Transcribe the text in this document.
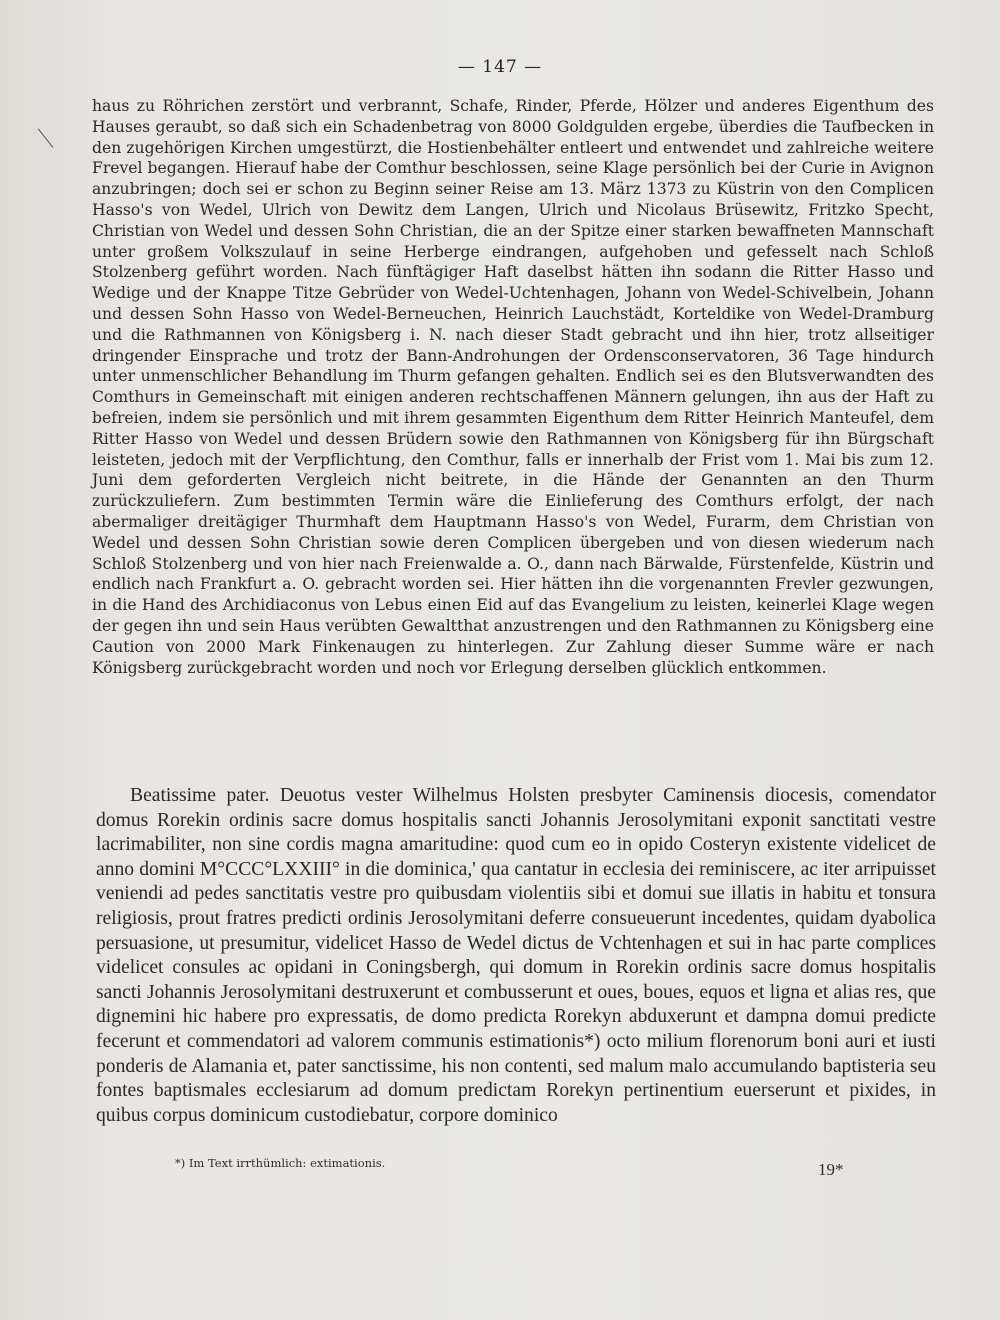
— 147 —

haus zu Röhrichen zerstört und verbrannt, Schafe, Rinder, Pferde, Hölzer und anderes Eigenthum des Hauses geraubt, so daß sich ein Schadenbetrag von 8000 Goldgulden ergebe, überdies die Taufbecken in den zugehörigen Kirchen umgestürzt, die Hostienbehälter entleert und entwendet und zahlreiche weitere Frevel begangen. Hierauf habe der Comthur beschlossen, seine Klage persönlich bei der Curie in Avignon anzubringen; doch sei er schon zu Beginn seiner Reise am 13. März 1373 zu Küstrin von den Complicen Hasso's von Wedel, Ulrich von Dewitz dem Langen, Ulrich und Nicolaus Brüsewitz, Fritzko Specht, Christian von Wedel und dessen Sohn Christian, die an der Spitze einer starken bewaffneten Mannschaft unter großem Volkszulauf in seine Herberge eindrangen, aufgehoben und gefesselt nach Schloß Stolzenberg geführt worden. Nach fünftägiger Haft daselbst hätten ihn sodann die Ritter Hasso und Wedige und der Knappe Titze Gebrüder von Wedel-Uchtenhagen, Johann von Wedel-Schivelbein, Johann und dessen Sohn Hasso von Wedel-Berneuchen, Heinrich Lauchstädt, Korteldike von Wedel-Dramburg und die Rathmannen von Königsberg i. N. nach dieser Stadt gebracht und ihn hier, trotz allseitiger dringender Einsprache und trotz der Bann-Androhungen der Ordensconservatoren, 36 Tage hindurch unter unmenschlicher Behandlung im Thurm gefangen gehalten. Endlich sei es den Blutsverwandten des Comthurs in Gemeinschaft mit einigen anderen rechtschaffenen Männern gelungen, ihn aus der Haft zu befreien, indem sie persönlich und mit ihrem gesammten Eigenthum dem Ritter Heinrich Manteufel, dem Ritter Hasso von Wedel und dessen Brüdern sowie den Rathmannen von Königsberg für ihn Bürgschaft leisteten, jedoch mit der Verpflichtung, den Comthur, falls er innerhalb der Frist vom 1. Mai bis zum 12. Juni dem geforderten Vergleich nicht beitrete, in die Hände der Genannten an den Thurm zurückzuliefern. Zum bestimmten Termin wäre die Einlieferung des Comthurs erfolgt, der nach abermaliger dreitägiger Thurmhaft dem Hauptmann Hasso's von Wedel, Furarm, dem Christian von Wedel und dessen Sohn Christian sowie deren Complicen übergeben und von diesen wiederum nach Schloß Stolzenberg und von hier nach Freienwalde a. O., dann nach Bärwalde, Fürstenfelde, Küstrin und endlich nach Frankfurt a. O. gebracht worden sei. Hier hätten ihn die vorgenannten Frevler gezwungen, in die Hand des Archidiaconus von Lebus einen Eid auf das Evangelium zu leisten, keinerlei Klage wegen der gegen ihn und sein Haus verübten Gewaltthat anzustrengen und den Rathmannen zu Königsberg eine Caution von 2000 Mark Finkenaugen zu hinterlegen. Zur Zahlung dieser Summe wäre er nach Königsberg zurückgebracht worden und noch vor Erlegung derselben glücklich entkommen.

Beatissime pater. Deuotus vester Wilhelmus Holsten presbyter Caminensis diocesis, comendator domus Rorekin ordinis sacre domus hospitalis sancti Johannis Jerosolymitani exponit sanctitati vestre lacrimabiliter, non sine cordis magna amaritudine: quod cum eo in opido Costeryn existente videlicet de anno domini M°CCC°LXXIII° in die dominica,' qua cantatur in ecclesia dei reminiscere, ac iter arripuisset veniendi ad pedes sanctitatis vestre pro quibusdam violentiis sibi et domui sue illatis in habitu et tonsura religiosis, prout fratres predicti ordinis Jerosolymitani deferre consueuerunt incedentes, quidam dyabolica persuasione, ut presumitur, videlicet Hasso de Wedel dictus de Vchtenhagen et sui in hac parte complices videlicet consules ac opidani in Coningsbergh, qui domum in Rorekin ordinis sacre domus hospitalis sancti Johannis Jerosolymitani destruxerunt et combusserunt et oues, boues, equos et ligna et alias res, que dignemini hic habere pro expressatis, de domo predicta Rorekyn abduxerunt et dampna domui predicte fecerunt et commendatori ad valorem communis estimationis*) octo milium florenorum boni auri et iusti ponderis de Alamania et, pater sanctissime, his non contenti, sed malum malo accumulando baptisteria seu fontes baptismales ecclesiarum ad domum predictam Rorekyn pertinentium euerserunt et pixides, in quibus corpus dominicum custodiebatur, corpore dominico

*) Im Text irrthümlich: extimationis.	19*
